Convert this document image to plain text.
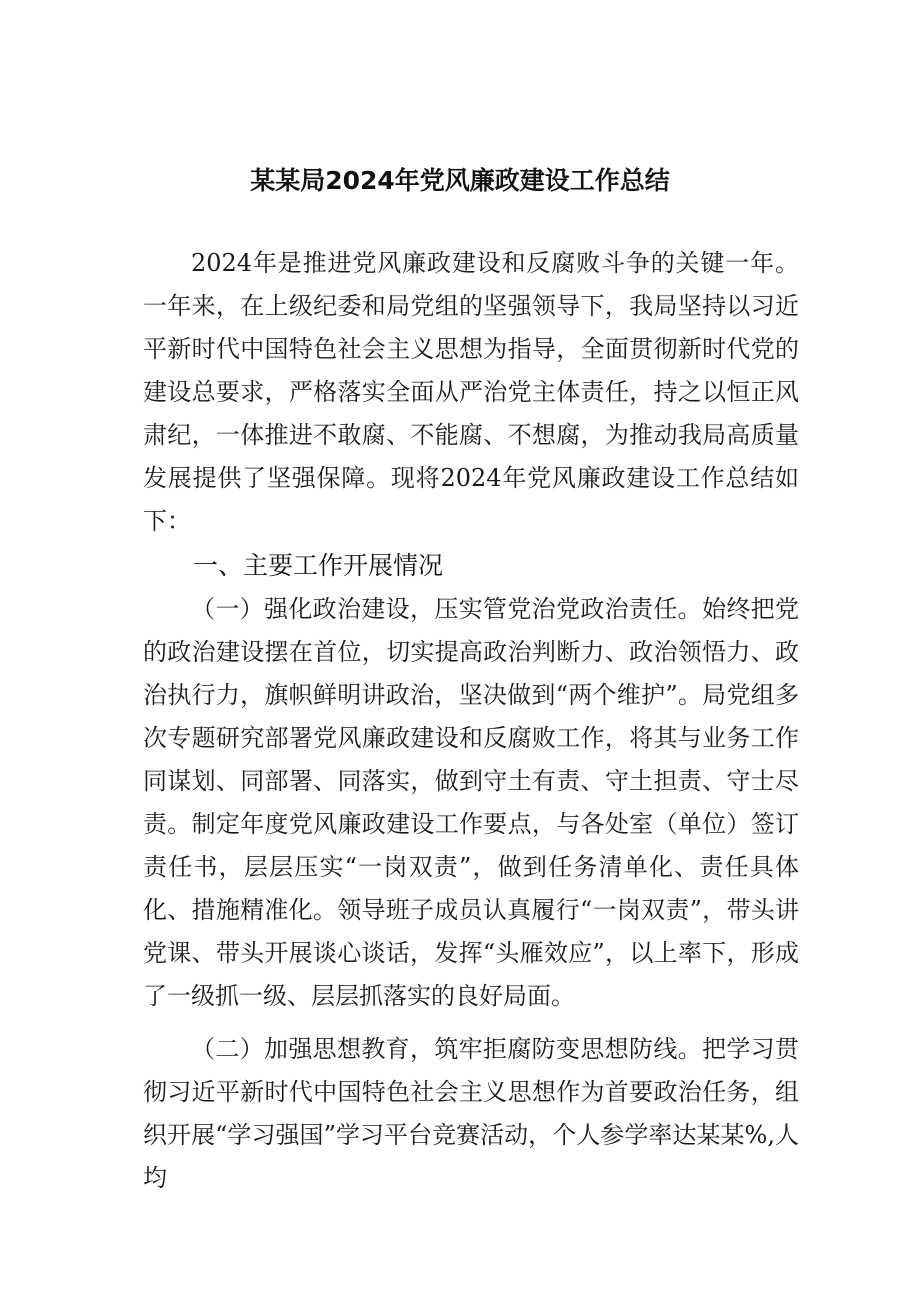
某某局2024年党风廉政建设工作总结

2024年是推进党风廉政建设和反腐败斗争的关键一年。一年来，在上级纪委和局党组的坚强领导下，我局坚持以习近平新时代中国特色社会主义思想为指导，全面贯彻新时代党的建设总要求，严格落实全面从严治党主体责任，持之以恒正风肃纪，一体推进不敢腐、不能腐、不想腐，为推动我局高质量发展提供了坚强保障。现将2024年党风廉政建设工作总结如下：

一、主要工作开展情况

（一）强化政治建设，压实管党治党政治责任。始终把党的政治建设摆在首位，切实提高政治判断力、政治领悟力、政治执行力，旗帜鲜明讲政治，坚决做到“两个维护”。局党组多次专题研究部署党风廉政建设和反腐败工作，将其与业务工作同谋划、同部署、同落实，做到守土有责、守土担责、守士尽责。制定年度党风廉政建设工作要点，与各处室（单位）签订责任书，层层压实“一岗双责”，做到任务清单化、责任具体化、措施精准化。领导班子成员认真履行“一岗双责”，带头讲党课、带头开展谈心谈话，发挥“头雁效应”，以上率下，形成了一级抓一级、层层抓落实的良好局面。

（二）加强思想教育，筑牢拒腐防变思想防线。把学习贯彻习近平新时代中国特色社会主义思想作为首要政治任务，组织开展“学习强国”学习平台竞赛活动，个人参学率达某某%,人均
